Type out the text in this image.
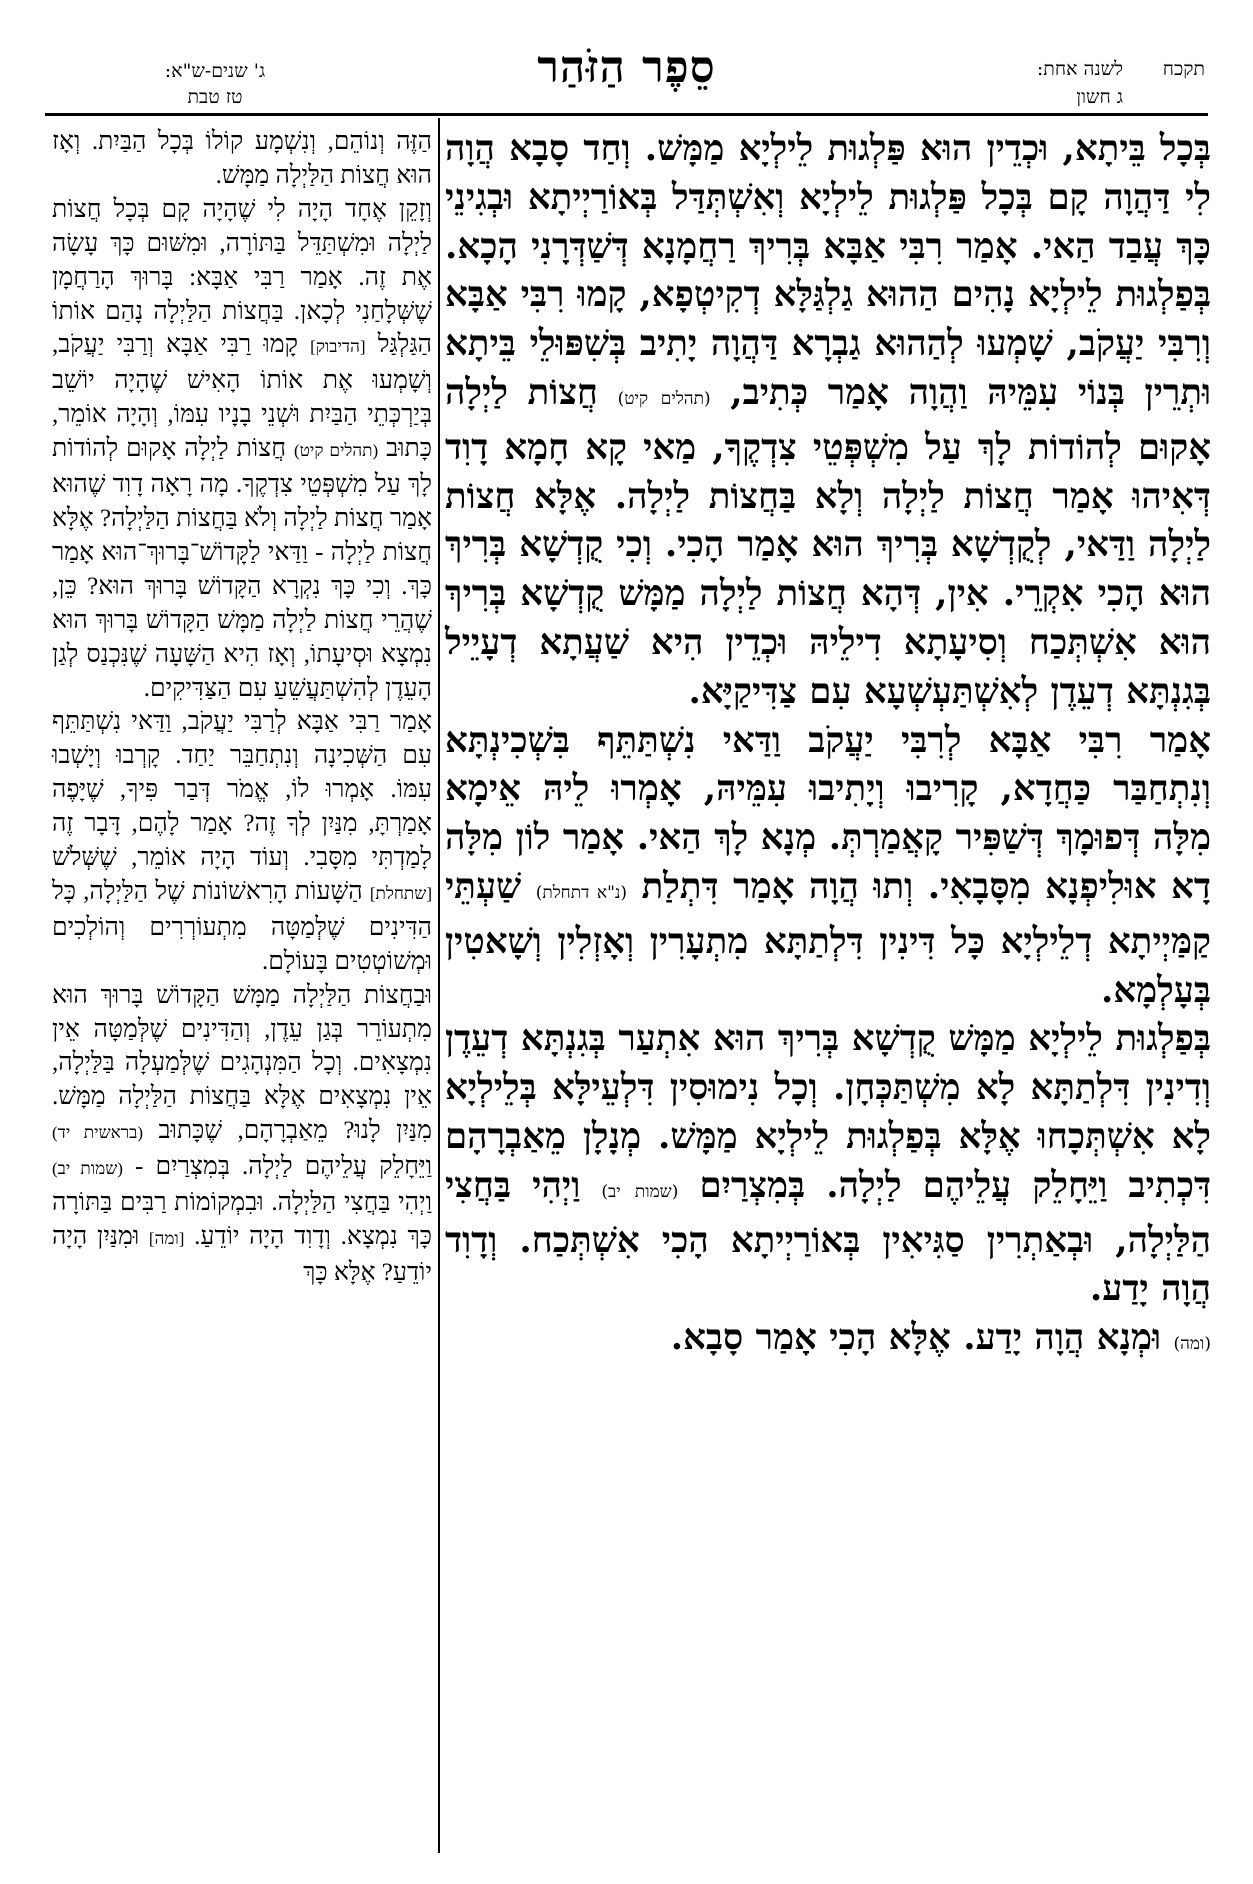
תקכח
לשנה אחת:
ג חשון
סֵפֶר הַזֹּהַר
ג' שנים-ש"א:
טז טבת

בְּכָל בֵּיתָא, וּכְדֵין הוּא פַּלְגוּת לֵילְיָא מַמָּשׁ. וְחַד סָבָא הֲוָה לִי דַּהֲוָה קָם בְּכָל פַּלְגוּת לֵילְיָא וְאִשְׁתְּדַּל בְּאוֹרַיְיתָא וּבְגִינֵי כָּךְ עֲבַד הַאי. אָמַר רִבִּי אַבָּא בְּרִיךְ רַחֲמָנָא דְּשַׁדְּרָנִי הָכָא. בְּפַלְגוּת לֵילְיָא נָהִים הַהוּא גַלְגַּלָּא דְקִיטְפָא, קָמוּ רִבִּי אַבָּא וְרִבִּי יַעֲקֹב, שָׁמְעוּ לְהַהוּא גַבְרָא דַּהֲוָה יָתִיב בְּשִׁפּוּלֵי בֵּיתָא וּתְרֵין בְּנוֹי עִמֵּיהּ וַהֲוָה אָמַר כְּתִיב, (תהלים קיט) חֲצוֹת לַיְלָה אָקוּם לְהוֹדוֹת לָךְ עַל מִשְׁפְּטֵי צִדְקֶךָ, מַאי קָא חָמָא דָוִד דְּאִיהוּ אָמַר חֲצוֹת לַיְלָה וְלָא בַּחֲצוֹת לַיְלָה. אֶלָּא חֲצוֹת לַיְלָה וַדַּאי, לְקֻדְשָׁא בְּרִיךְ הוּא אָמַר הָכִי. וְכִי קֻדְשָׁא בְּרִיךְ הוּא הָכִי אִקְרֵי. אִין, דְּהָא חֲצוֹת לַיְלָה מַמָּשׁ קֻדְשָׁא בְּרִיךְ הוּא אִשְׁתְּכַח וְסִיעָתָא דִילֵיהּ וּכְדֵין הִיא שַׁעֲתָא דְעָיֵיל בְּגִנְתָּא דְעֵדֶן לְאִשְׁתַּעְשְׁעָא עִם צַדִּיקַיָּא.

אָמַר רִבִּי אַבָּא לְרִבִּי יַעֲקֹב וַדַּאי נִשְׁתַּתֵּף בִּשְׁכִינְתָּא וְנִתְחַבַּר כַּחֲדָא, קָרִיבוּ וְיָתִיבוּ עִמֵּיהּ, אָמְרוּ לֵיהּ אֵימָא מִלָּה דְּפוּמָךְ דְּשַׁפִּיר קָאֲמַרְתְּ. מְנָא לָךְ הַאי. אָמַר לוֹן מִלָּה דָא אוּלִיפְנָא מִסָּבָאִי. וְתוּ הֲוָה אָמַר דִּתְלַת (נ"א דתחלת) שַׁעְתֵּי קַמַּיְיתָא דְלֵילְיָא כָּל דִּינִין דִּלְתַתָּא מִתְעָרִין וְאָזְלִין וְשָׁאטִין בְּעָלְמָא.

בְּפַלְגוּת לֵילְיָא מַמָּשׁ קֻדְשָׁא בְּרִיךְ הוּא אִתְעַר בְּגִנְתָּא דְעֵדֶן וְדִינִין דִּלְתַתָּא לָא מִשְׁתַּכְּחָן. וְכָל נִימוּסִין דִּלְעֵילָּא בְּלֵילְיָא לָא אִשְׁתְּכָחוּ אֶלָּא בְּפַלְגוּת לֵילְיָא מַמָּשׁ. מְנָלָן מֵאַבְרָהָם דִּכְתִיב וַיֵּחָלֵק עֲלֵיהֶם לַיְלָה. בְּמִצְרַיִם (שמות יב) וַיְהִי בַּחֲצִי הַלַּיְלָה, וּבְאַתְרִין סַגִּיאִין בְּאוֹרַיְיתָא הָכִי אִשְׁתְּכַח. וְדָוִד הֲוָה יָדַע.

(ומה) וּמְנָא הֲוָה יָדַע. אֶלָּא הָכִי אָמַר סָבָא.

הַזֶּה וְנוֹהֵם, וְנִשְׁמָע קוֹלוֹ בְּכָל הַבַּיִת. וְאָז הוּא חֲצוֹת הַלַּיְלָה מַמָּשׁ.

וְזָקֵן אֶחָד הָיָה לִי שֶׁהָיָה קָם בְּכָל חֲצוֹת לַיְלָה וּמִשְׁתַּדֵּל בַּתּוֹרָה, וּמִשּׁוּם כָּךְ עָשָׂה אֶת זֶה. אָמַר רַבִּי אַבָּא: בָּרוּךְ הָרַחֲמָן שֶׁשְּׁלָחַנִי לְכָאן. בַּחֲצוֹת הַלַּיְלָה נָהַם אוֹתוֹ הַגַּלְגַּל [הדיבוק] קָמוּ רַבִּי אַבָּא וְרַבִּי יַעֲקֹב, וְשָׁמְעוּ אֶת אוֹתוֹ הָאִישׁ שֶׁהָיָה יוֹשֵׁב בְּיַרְכְּתֵי הַבַּיִת וּשְׁנֵי בָנָיו עִמּוֹ, וְהָיָה אוֹמֵר, כָּתוּב (תהלים קיט) חֲצוֹת לַיְלָה אָקוּם לְהוֹדוֹת לָךְ עַל מִשְׁפְּטֵי צִדְקֶךָ. מָה רָאָה דָוִד שֶׁהוּא אָמַר חֲצוֹת לַיְלָה וְלֹא בַּחֲצוֹת הַלַּיְלָה? אֶלָּא חֲצוֹת לַיְלָה - וַדַּאי לַקָּדוֹשׁ־בָּרוּךְ־הוּא אָמַר כָּךְ. וְכִי כָּךְ נִקְרָא הַקָּדוֹשׁ בָּרוּךְ הוּא? כֵּן, שֶׁהֲרֵי חֲצוֹת לַיְלָה מַמָּשׁ הַקָּדוֹשׁ בָּרוּךְ הוּא נִמְצָא וּסְיעָתוֹ, וְאָז הִיא הַשָּׁעָה שֶׁנִּכְנַס לְגַן הָעֵדֶן לְהִשְׁתַּעֲשֵׁעַ עִם הַצַּדִּיקִים.

אָמַר רַבִּי אַבָּא לְרַבִּי יַעֲקֹב, וַדַּאי נִשְׁתַּתֵּף עִם הַשְּׁכִינָה וְנִתְחַבֵּר יַחַד. קָרְבוּ וְיָשְׁבוּ עִמּוֹ. אָמְרוּ לוֹ, אֱמֹר דְּבַר פִּיךָ, שֶׁיָּפֶה אָמַרְתָּ, מִנַּיִן לְךָ זֶה? אָמַר לָהֶם, דָּבָר זֶה לָמַדְתִּי מִסָּבִי. וְעוֹד הָיָה אוֹמֵר, שֶׁשְּׁלֹשׁ [שתחלת] הַשָּׁעוֹת הָרִאשׁוֹנוֹת שֶׁל הַלַּיְלָה, כָּל הַדִּינִים שֶׁלְּמַטָּה מִתְעוֹרְרִים וְהוֹלְכִים וּמְשׁוֹטְטִים בָּעוֹלָם.

וּבַחֲצוֹת הַלַּיְלָה מַמָּשׁ הַקָּדוֹשׁ בָּרוּךְ הוּא מִתְעוֹרֵר בְּגַן עֵדֶן, וְהַדִּינִים שֶׁלְּמַטָּה אֵין נִמְצָאִים. וְכָל הַמִּנְהָגִים שֶׁלְּמַעְלָה בַּלַּיְלָה, אֵין נִמְצָאִים אֶלָּא בַּחֲצוֹת הַלַּיְלָה מַמָּשׁ. מִנַּיִן לָנוּ? מֵאַבְרָהָם, שֶׁכָּתוּב (בראשית יד) וַיֵּחָלֵק עֲלֵיהֶם לַיְלָה. בְּמִצְרַיִם - (שמות יב) וַיְהִי בַּחֲצִי הַלַּיְלָה. וּבִמְקוֹמוֹת רַבִּים בַּתּוֹרָה כָּךְ נִמְצָא. וְדָוִד הָיָה יוֹדֵעַ. [ומה] וּמִנַּיִן הָיָה יוֹדֵעַ? אֶלָּא כָּךְ
